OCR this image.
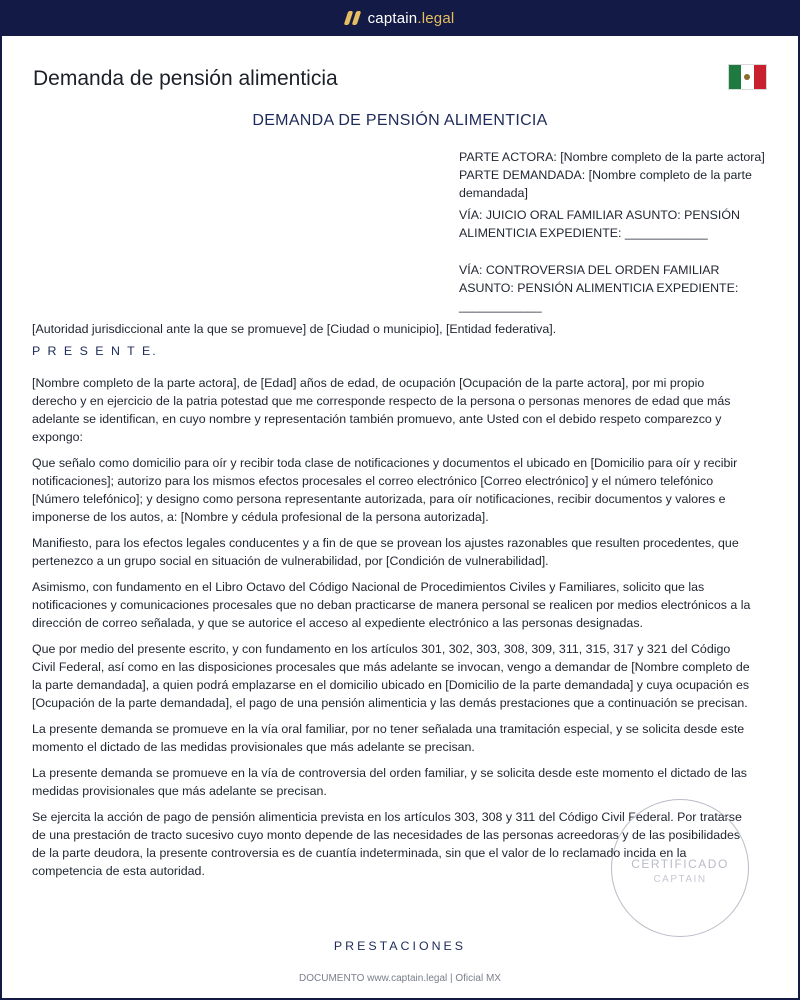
captain.legal
Demanda de pensión alimenticia
DEMANDA DE PENSIÓN ALIMENTICIA

PARTE ACTORA: [Nombre completo de la parte actora] PARTE DEMANDADA: [Nombre completo de la parte demandada]

VÍA: JUICIO ORAL FAMILIAR ASUNTO: PENSIÓN ALIMENTICIA EXPEDIENTE: ____________

VÍA: CONTROVERSIA DEL ORDEN FAMILIAR ASUNTO: PENSIÓN ALIMENTICIA EXPEDIENTE: ____________

[Autoridad jurisdiccional ante la que se promueve] de [Ciudad o municipio], [Entidad federativa].
P R E S E N T E.

[Nombre completo de la parte actora], de [Edad] años de edad, de ocupación [Ocupación de la parte actora], por mi propio derecho y en ejercicio de la patria potestad que me corresponde respecto de la persona o personas menores de edad que más adelante se identifican, en cuyo nombre y representación también promuevo, ante Usted con el debido respeto comparezco y expongo:

Que señalo como domicilio para oír y recibir toda clase de notificaciones y documentos el ubicado en [Domicilio para oír y recibir notificaciones]; autorizo para los mismos efectos procesales el correo electrónico [Correo electrónico] y el número telefónico [Número telefónico]; y designo como persona representante autorizada, para oír notificaciones, recibir documentos y valores e imponerse de los autos, a: [Nombre y cédula profesional de la persona autorizada].

Manifiesto, para los efectos legales conducentes y a fin de que se provean los ajustes razonables que resulten procedentes, que pertenezco a un grupo social en situación de vulnerabilidad, por [Condición de vulnerabilidad].

Asimismo, con fundamento en el Libro Octavo del Código Nacional de Procedimientos Civiles y Familiares, solicito que las notificaciones y comunicaciones procesales que no deban practicarse de manera personal se realicen por medios electrónicos a la dirección de correo señalada, y que se autorice el acceso al expediente electrónico a las personas designadas.

Que por medio del presente escrito, y con fundamento en los artículos 301, 302, 303, 308, 309, 311, 315, 317 y 321 del Código Civil Federal, así como en las disposiciones procesales que más adelante se invocan, vengo a demandar de [Nombre completo de la parte demandada], a quien podrá emplazarse en el domicilio ubicado en [Domicilio de la parte demandada] y cuya ocupación es [Ocupación de la parte demandada], el pago de una pensión alimenticia y las demás prestaciones que a continuación se precisan.

La presente demanda se promueve en la vía oral familiar, por no tener señalada una tramitación especial, y se solicita desde este momento el dictado de las medidas provisionales que más adelante se precisan.

La presente demanda se promueve en la vía de controversia del orden familiar, y se solicita desde este momento el dictado de las medidas provisionales que más adelante se precisan.

Se ejercita la acción de pago de pensión alimenticia prevista en los artículos 303, 308 y 311 del Código Civil Federal. Por tratarse de una prestación de tracto sucesivo cuyo monto depende de las necesidades de las personas acreedoras y de las posibilidades de la parte deudora, la presente controversia es de cuantía indeterminada, sin que el valor de lo reclamado incida en la competencia de esta autoridad.

PRESTACIONES
CERTIFICADO
CAPTAIN
DOCUMENTO www.captain.legal | Oficial MX
